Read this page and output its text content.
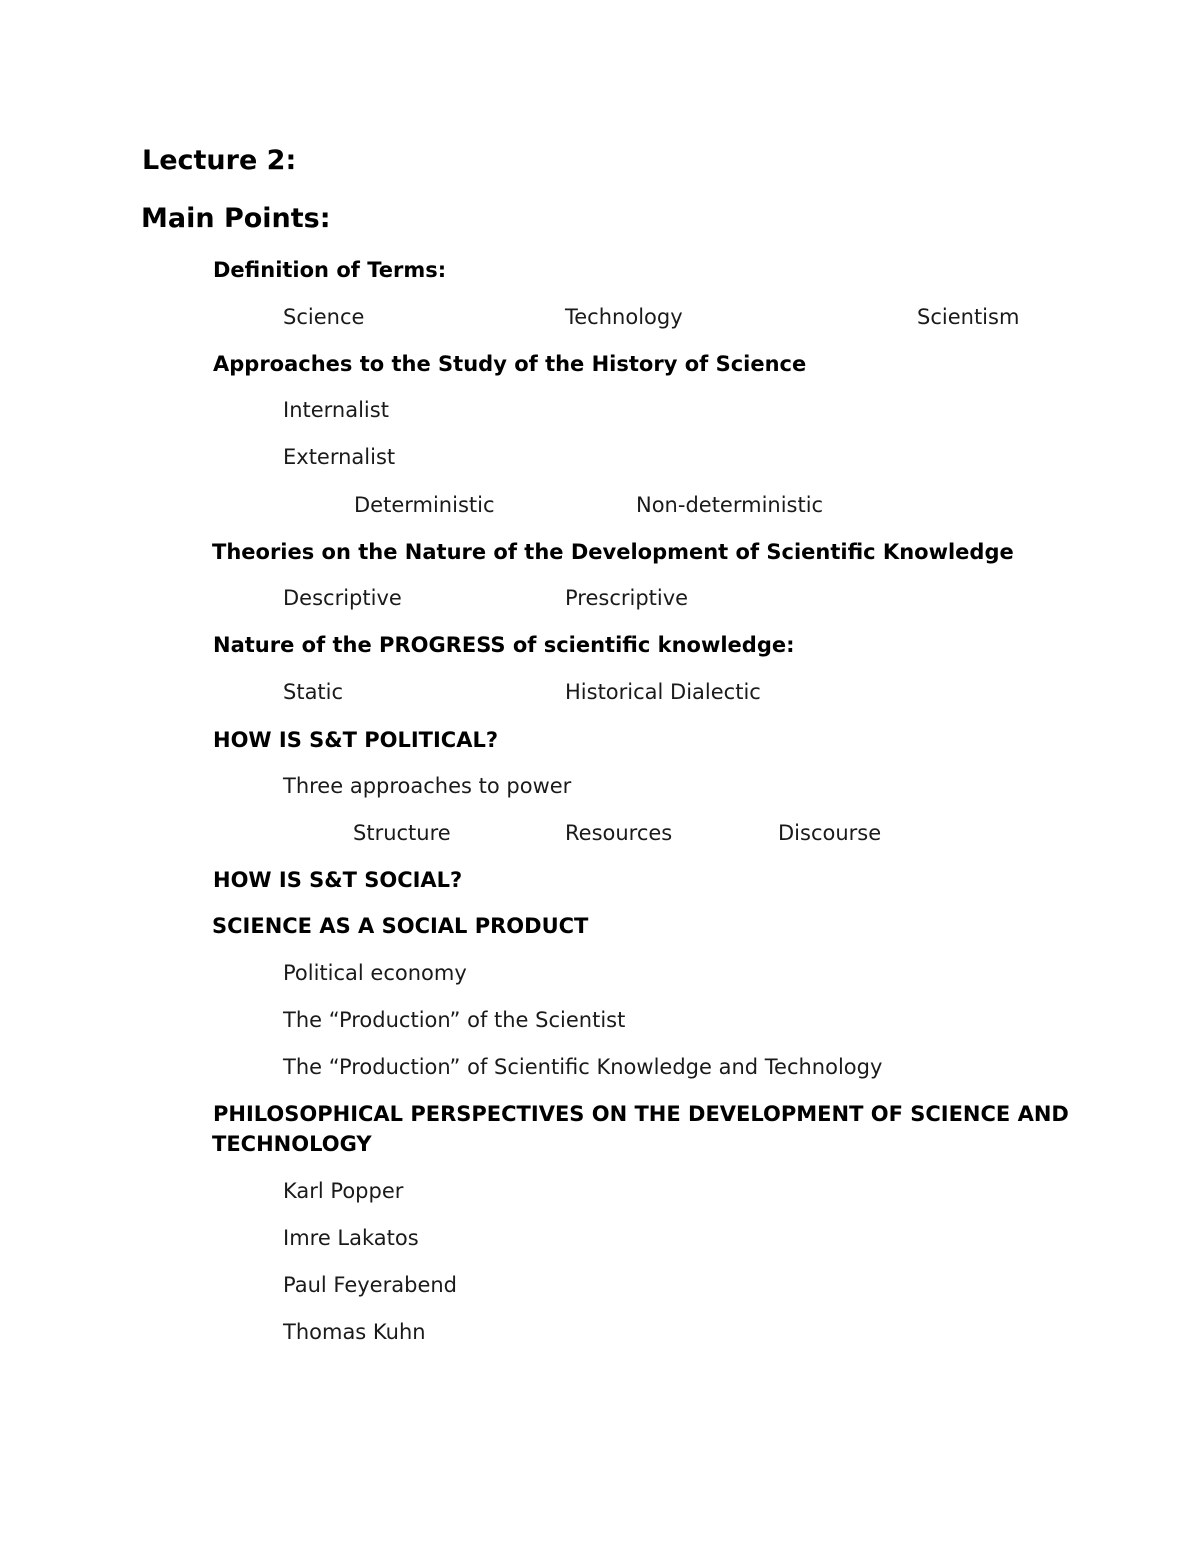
Lecture 2:
Main Points:
Definition of Terms:
Science	Technology	Scientism
Approaches to the Study of the History of Science
Internalist
Externalist
Deterministic	Non-deterministic
Theories on the Nature of the Development of Scientific Knowledge
Descriptive	Prescriptive
Nature of the PROGRESS of scientific knowledge:
Static	Historical Dialectic
HOW IS S&T POLITICAL?
Three approaches to power
Structure	Resources	Discourse
HOW IS S&T SOCIAL?
SCIENCE AS A SOCIAL PRODUCT
Political economy
The “Production” of the Scientist
The “Production” of Scientific Knowledge and Technology
PHILOSOPHICAL PERSPECTIVES ON THE DEVELOPMENT OF SCIENCE AND
TECHNOLOGY
Karl Popper
Imre Lakatos
Paul Feyerabend
Thomas Kuhn
